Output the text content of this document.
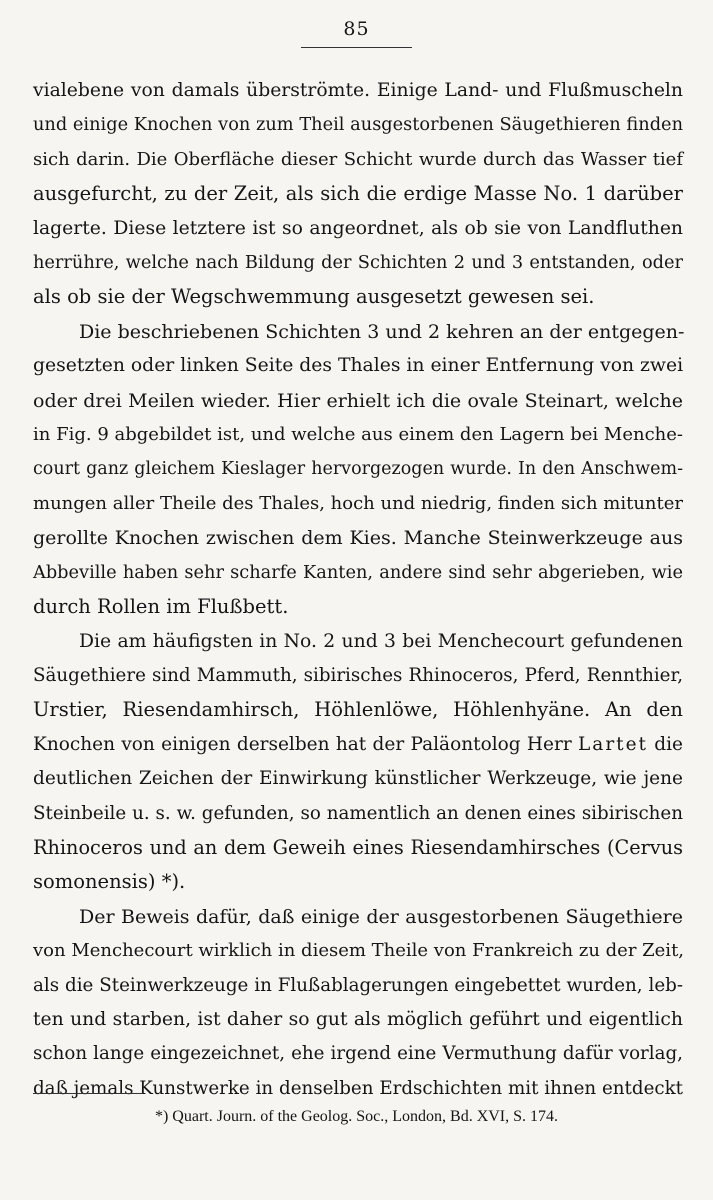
85
vialebene von damals überströmte. Einige Land- und Flußmuscheln
und einige Knochen von zum Theil ausgestorbenen Säugethieren finden
sich darin. Die Oberfläche dieser Schicht wurde durch das Wasser tief
ausgefurcht, zu der Zeit, als sich die erdige Masse No. 1 darüber
lagerte. Diese letztere ist so angeordnet, als ob sie von Landfluthen
herrühre, welche nach Bildung der Schichten 2 und 3 entstanden, oder
als ob sie der Wegschwemmung ausgesetzt gewesen sei.
Die beschriebenen Schichten 3 und 2 kehren an der entgegen-
gesetzten oder linken Seite des Thales in einer Entfernung von zwei
oder drei Meilen wieder. Hier erhielt ich die ovale Steinart, welche
in Fig. 9 abgebildet ist, und welche aus einem den Lagern bei Menche-
court ganz gleichem Kieslager hervorgezogen wurde. In den Anschwem-
mungen aller Theile des Thales, hoch und niedrig, finden sich mitunter
gerollte Knochen zwischen dem Kies. Manche Steinwerkzeuge aus
Abbeville haben sehr scharfe Kanten, andere sind sehr abgerieben, wie
durch Rollen im Flußbett.
Die am häufigsten in No. 2 und 3 bei Menchecourt gefundenen
Säugethiere sind Mammuth, sibirisches Rhinoceros, Pferd, Rennthier,
Urstier, Riesendamhirsch, Höhlenlöwe, Höhlenhyäne. An den
Knochen von einigen derselben hat der Paläontolog Herr Lartet die
deutlichen Zeichen der Einwirkung künstlicher Werkzeuge, wie jene
Steinbeile u. s. w. gefunden, so namentlich an denen eines sibirischen
Rhinoceros und an dem Geweih eines Riesendamhirsches (Cervus
somonensis) *).
Der Beweis dafür, daß einige der ausgestorbenen Säugethiere
von Menchecourt wirklich in diesem Theile von Frankreich zu der Zeit,
als die Steinwerkzeuge in Flußablagerungen eingebettet wurden, leb-
ten und starben, ist daher so gut als möglich geführt und eigentlich
schon lange eingezeichnet, ehe irgend eine Vermuthung dafür vorlag,
daß jemals Kunstwerke in denselben Erdschichten mit ihnen entdeckt
*) Quart. Journ. of the Geolog. Soc., London, Bd. XVI, S. 174.
